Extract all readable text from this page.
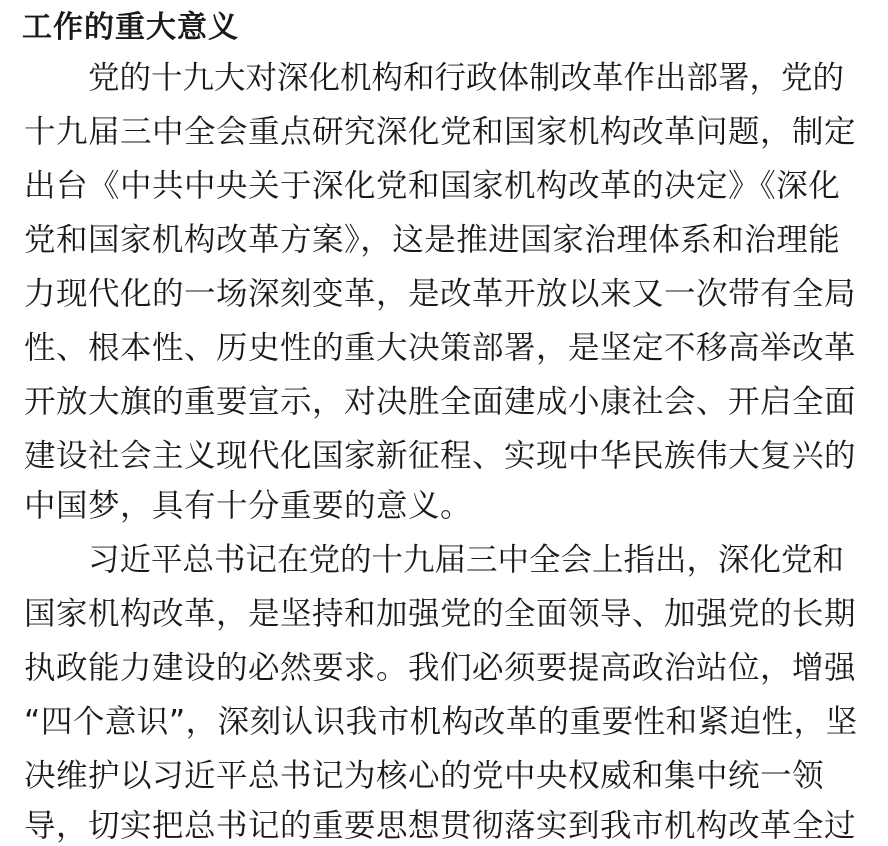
工作的重大意义

党的十九大对深化机构和行政体制改革作出部署，党的

十九届三中全会重点研究深化党和国家机构改革问题，制定

出台《中共中央关于深化党和国家机构改革的决定》《深化

党和国家机构改革方案》，这是推进国家治理体系和治理能

力现代化的一场深刻变革，是改革开放以来又一次带有全局

性、根本性、历史性的重大决策部署，是坚定不移高举改革

开放大旗的重要宣示，对决胜全面建成小康社会、开启全面

建设社会主义现代化国家新征程、实现中华民族伟大复兴的

中国梦，具有十分重要的意义。

习近平总书记在党的十九届三中全会上指出，深化党和

国家机构改革，是坚持和加强党的全面领导、加强党的长期

执政能力建设的必然要求。我们必须要提高政治站位，增强

“四个意识”，深刻认识我市机构改革的重要性和紧迫性，坚

决维护以习近平总书记为核心的党中央权威和集中统一领

导，切实把总书记的重要思想贯彻落实到我市机构改革全过
